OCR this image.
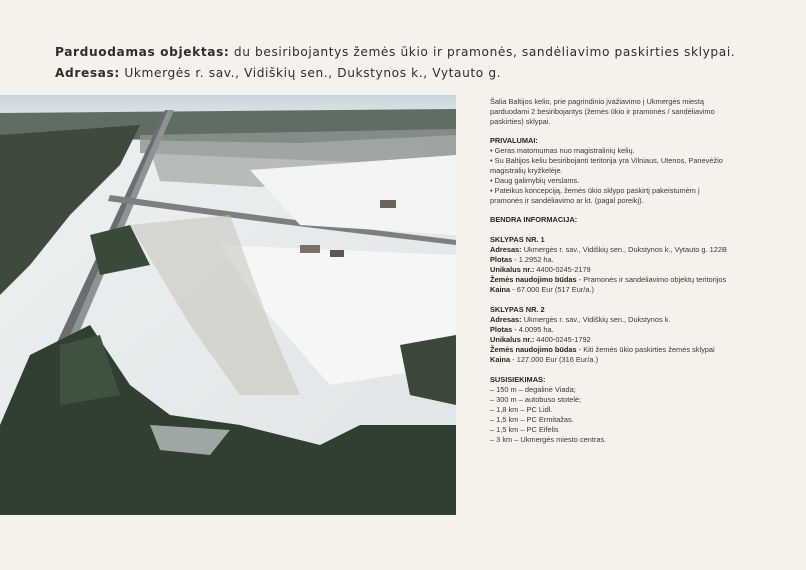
Parduodamas objektas: du besiribojantys žemės ūkio ir pramonės, sandėliavimo paskirties sklypai.
Adresas: Ukmergės r. sav., Vidiškių sen., Dukstynos k., Vytauto g.
Šalia Baltijos kelio, prie pagrindinio įvažiavimo į Ukmergės miestą
parduodami 2 besiribojantys (žemės ūkio ir pramonės / sandėliavimo
paskirties) sklypai.
PRIVALUMAI:
• Geras matomumas nuo magistralinių kelių.
• Su Baltijos keliu besiribojanti teritorija yra Vilniaus, Utenos, Panevėžio
magistralių kryžkelėje.
• Daug galimybių verslams.
• Pateikus koncepciją, žemės ūkio sklypo paskirtį pakeistumėm į
pramonės ir sandėliavimo ar kt. (pagal poreikį).
BENDRA INFORMACIJA:
SKLYPAS NR. 1
Adresas: Ukmergės r. sav., Vidiškių sen., Dukstynos k., Vytauto g. 122B
Plotas - 1.2952 ha.
Unikalus nr.: 4400-0245-2179
Žemės naudojimo būdas - Pramonės ir sandėliavimo objektų teritorijos
Kaina - 67.000 Eur (517 Eur/a.)
SKLYPAS NR. 2
Adresas: Ukmergės r. sav., Vidiškių sen., Dukstynos k.
Plotas - 4.0095 ha.
Unikalus nr.: 4400-0245-1792
Žemės naudojimo būdas - Kiti žemės ūkio paskirties žemės sklypai
Kaina - 127.000 Eur (316 Eur/a.)
SUSISIEKIMAS:
– 150 m – degalinė Viada;
– 300 m – autobuso stotelė;
– 1,8 km – PC Lidl.
– 1,5 km – PC Ermitažas.
– 1,5 km – PC Eifelis
– 3 km – Ukmergės miesto centras.
